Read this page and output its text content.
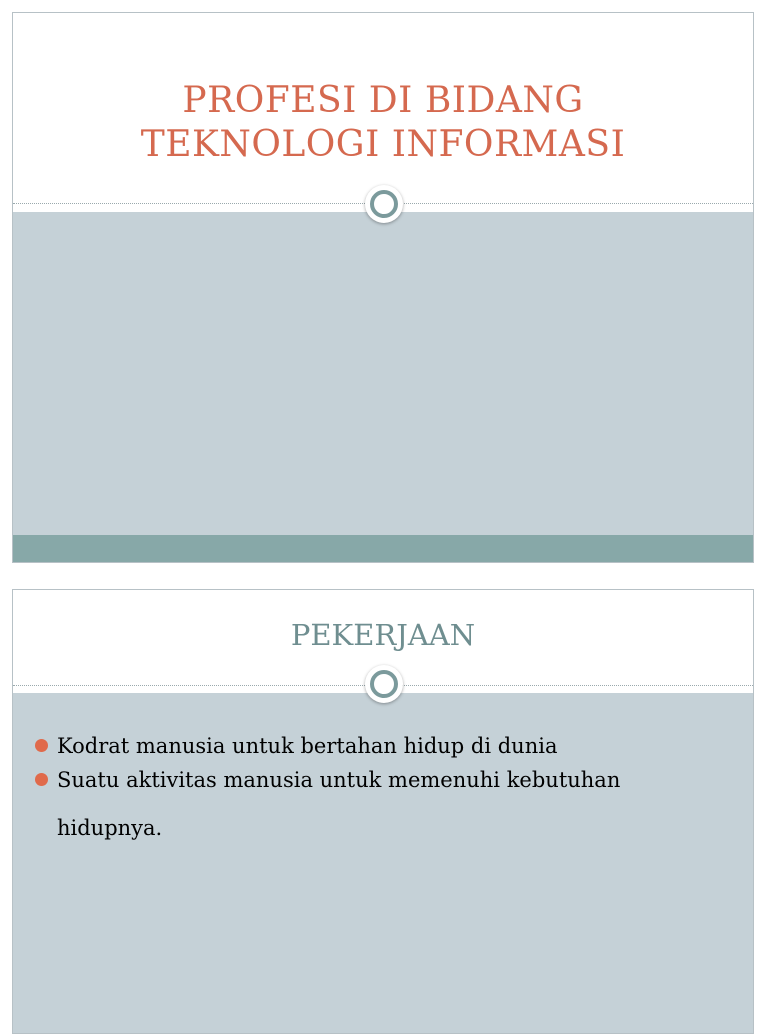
PROFESI DI BIDANG
TEKNOLOGI INFORMASI
PEKERJAAN
Kodrat manusia untuk bertahan hidup di dunia
Suatu aktivitas manusia untuk memenuhi kebutuhan hidupnya.
